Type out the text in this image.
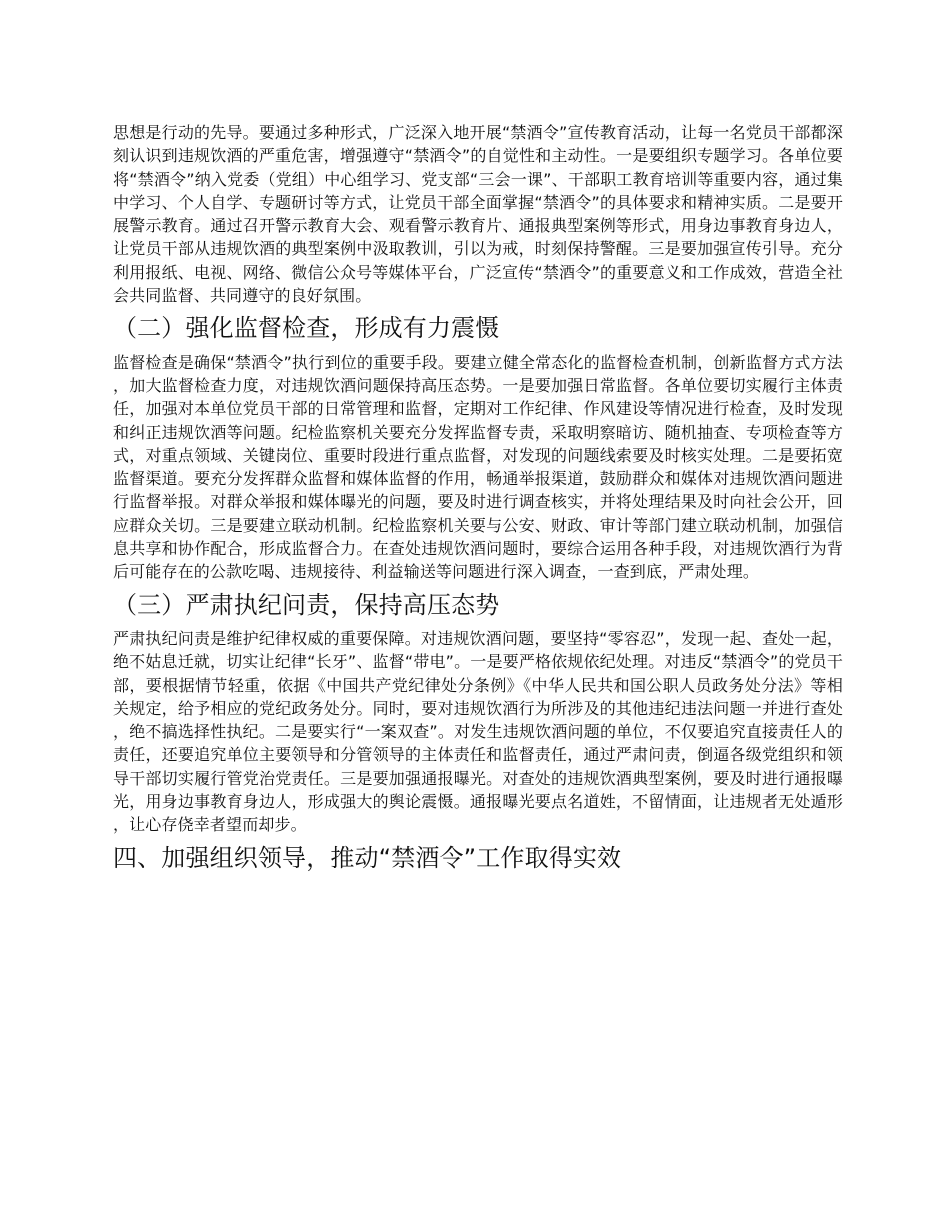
思想是行动的先导。要通过多种形式，广泛深入地开展“禁酒令”宣传教育活动，让每一名党员干部都深刻认识到违规饮酒的严重危害，增强遵守“禁酒令”的自觉性和主动性。一是要组织专题学习。各单位要将“禁酒令”纳入党委（党组）中心组学习、党支部“三会一课”、干部职工教育培训等重要内容，通过集中学习、个人自学、专题研讨等方式，让党员干部全面掌握“禁酒令”的具体要求和精神实质。二是要开展警示教育。通过召开警示教育大会、观看警示教育片、通报典型案例等形式，用身边事教育身边人，让党员干部从违规饮酒的典型案例中汲取教训，引以为戒，时刻保持警醒。三是要加强宣传引导。充分利用报纸、电视、网络、微信公众号等媒体平台，广泛宣传“禁酒令”的重要意义和工作成效，营造全社会共同监督、共同遵守的良好氛围。

（二）强化监督检查，形成有力震慑

监督检查是确保“禁酒令”执行到位的重要手段。要建立健全常态化的监督检查机制，创新监督方式方法，加大监督检查力度，对违规饮酒问题保持高压态势。一是要加强日常监督。各单位要切实履行主体责任，加强对本单位党员干部的日常管理和监督，定期对工作纪律、作风建设等情况进行检查，及时发现和纠正违规饮酒等问题。纪检监察机关要充分发挥监督专责，采取明察暗访、随机抽查、专项检查等方式，对重点领域、关键岗位、重要时段进行重点监督，对发现的问题线索要及时核实处理。二是要拓宽监督渠道。要充分发挥群众监督和媒体监督的作用，畅通举报渠道，鼓励群众和媒体对违规饮酒问题进行监督举报。对群众举报和媒体曝光的问题，要及时进行调查核实，并将处理结果及时向社会公开，回应群众关切。三是要建立联动机制。纪检监察机关要与公安、财政、审计等部门建立联动机制，加强信息共享和协作配合，形成监督合力。在查处违规饮酒问题时，要综合运用各种手段，对违规饮酒行为背后可能存在的公款吃喝、违规接待、利益输送等问题进行深入调查，一查到底，严肃处理。

（三）严肃执纪问责，保持高压态势

严肃执纪问责是维护纪律权威的重要保障。对违规饮酒问题，要坚持“零容忍”，发现一起、查处一起，绝不姑息迁就，切实让纪律“长牙”、监督“带电”。一是要严格依规依纪处理。对违反“禁酒令”的党员干部，要根据情节轻重，依据《中国共产党纪律处分条例》《中华人民共和国公职人员政务处分法》等相关规定，给予相应的党纪政务处分。同时，要对违规饮酒行为所涉及的其他违纪违法问题一并进行查处，绝不搞选择性执纪。二是要实行“一案双查”。对发生违规饮酒问题的单位，不仅要追究直接责任人的责任，还要追究单位主要领导和分管领导的主体责任和监督责任，通过严肃问责，倒逼各级党组织和领导干部切实履行管党治党责任。三是要加强通报曝光。对查处的违规饮酒典型案例，要及时进行通报曝光，用身边事教育身边人，形成强大的舆论震慑。通报曝光要点名道姓，不留情面，让违规者无处遁形，让心存侥幸者望而却步。

四、加强组织领导，推动“禁酒令”工作取得实效
